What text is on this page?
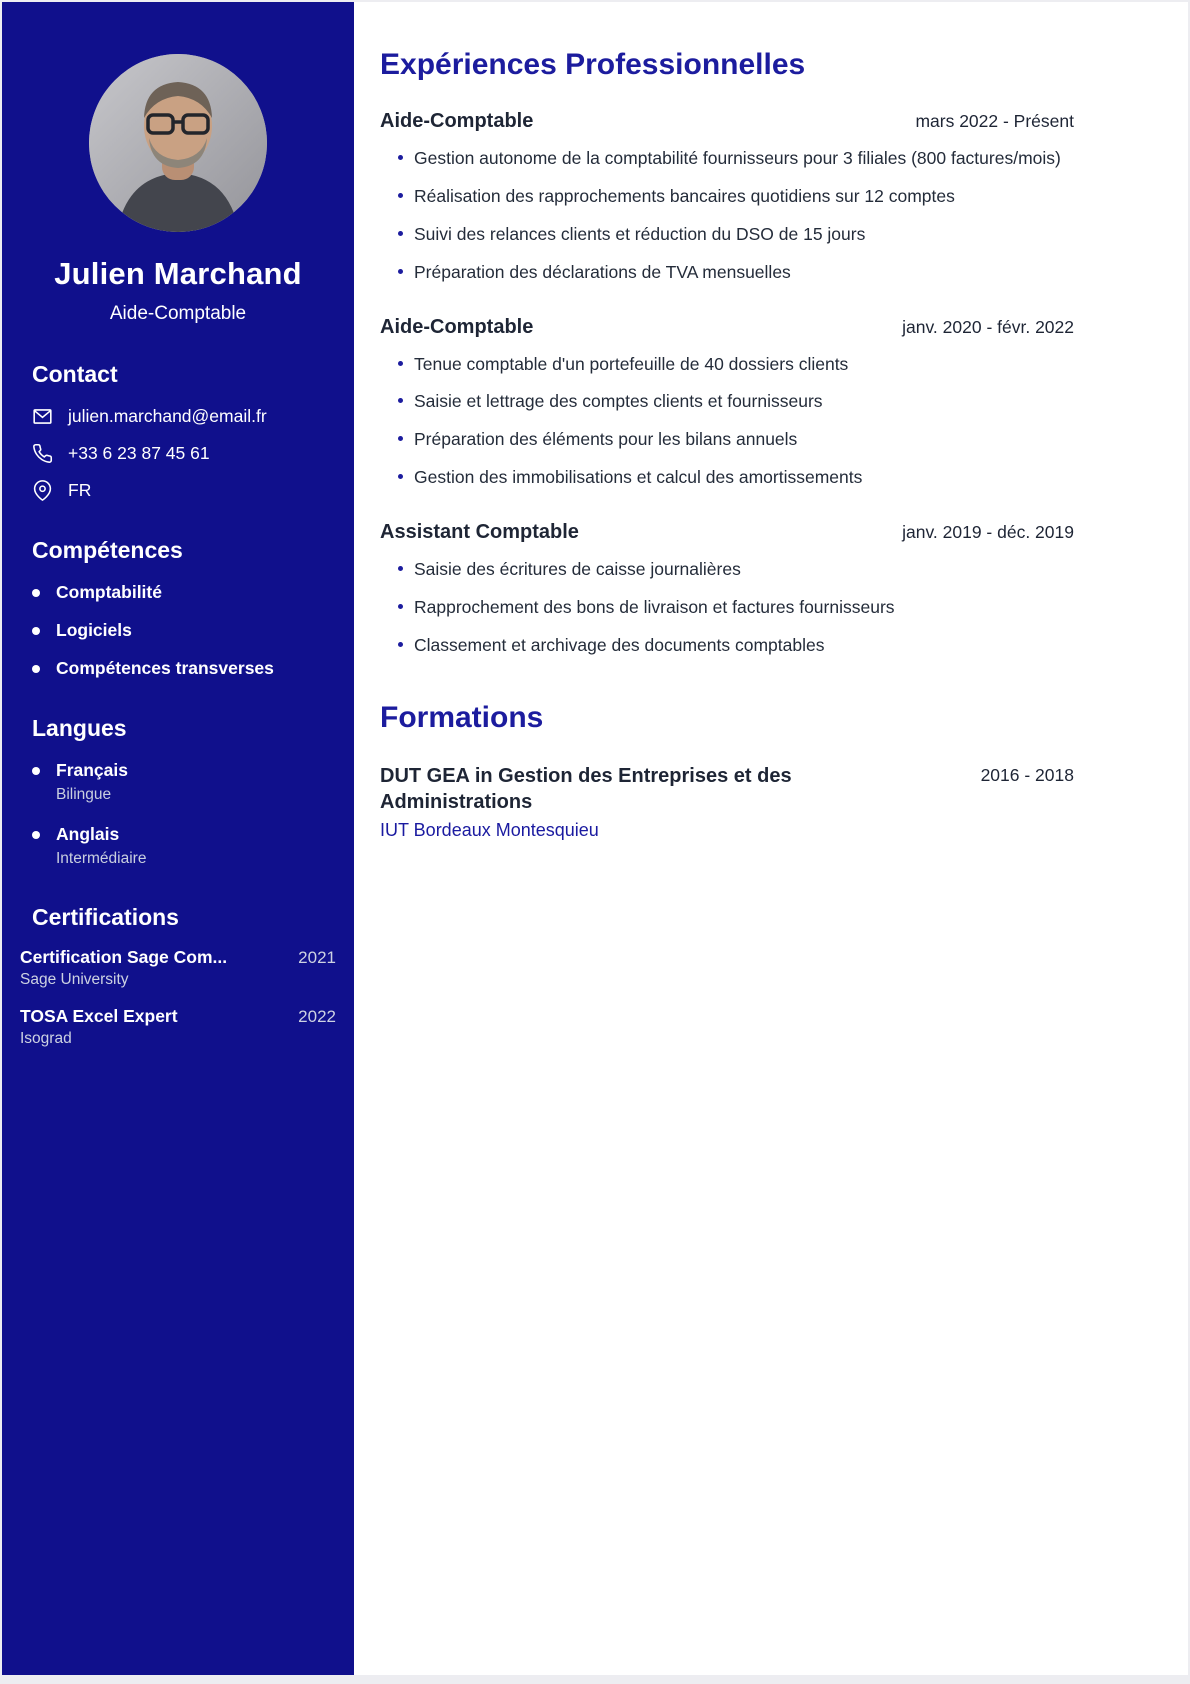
Julien Marchand
Aide-Comptable
Contact
julien.marchand@email.fr
+33 6 23 87 45 61
FR
Compétences
Comptabilité
Logiciels
Compétences transverses
Langues
Français
Bilingue
Anglais
Intermédiaire
Certifications
Certification Sage Com...	2021
Sage University
TOSA Excel Expert	2022
Isograd
Expériences Professionnelles
Aide-Comptable	mars 2022 - Présent
Gestion autonome de la comptabilité fournisseurs pour 3 filiales (800 factures/mois)
Réalisation des rapprochements bancaires quotidiens sur 12 comptes
Suivi des relances clients et réduction du DSO de 15 jours
Préparation des déclarations de TVA mensuelles
Aide-Comptable	janv. 2020 - févr. 2022
Tenue comptable d'un portefeuille de 40 dossiers clients
Saisie et lettrage des comptes clients et fournisseurs
Préparation des éléments pour les bilans annuels
Gestion des immobilisations et calcul des amortissements
Assistant Comptable	janv. 2019 - déc. 2019
Saisie des écritures de caisse journalières
Rapprochement des bons de livraison et factures fournisseurs
Classement et archivage des documents comptables
Formations
DUT GEA in Gestion des Entreprises et des Administrations
2016 - 2018
IUT Bordeaux Montesquieu
